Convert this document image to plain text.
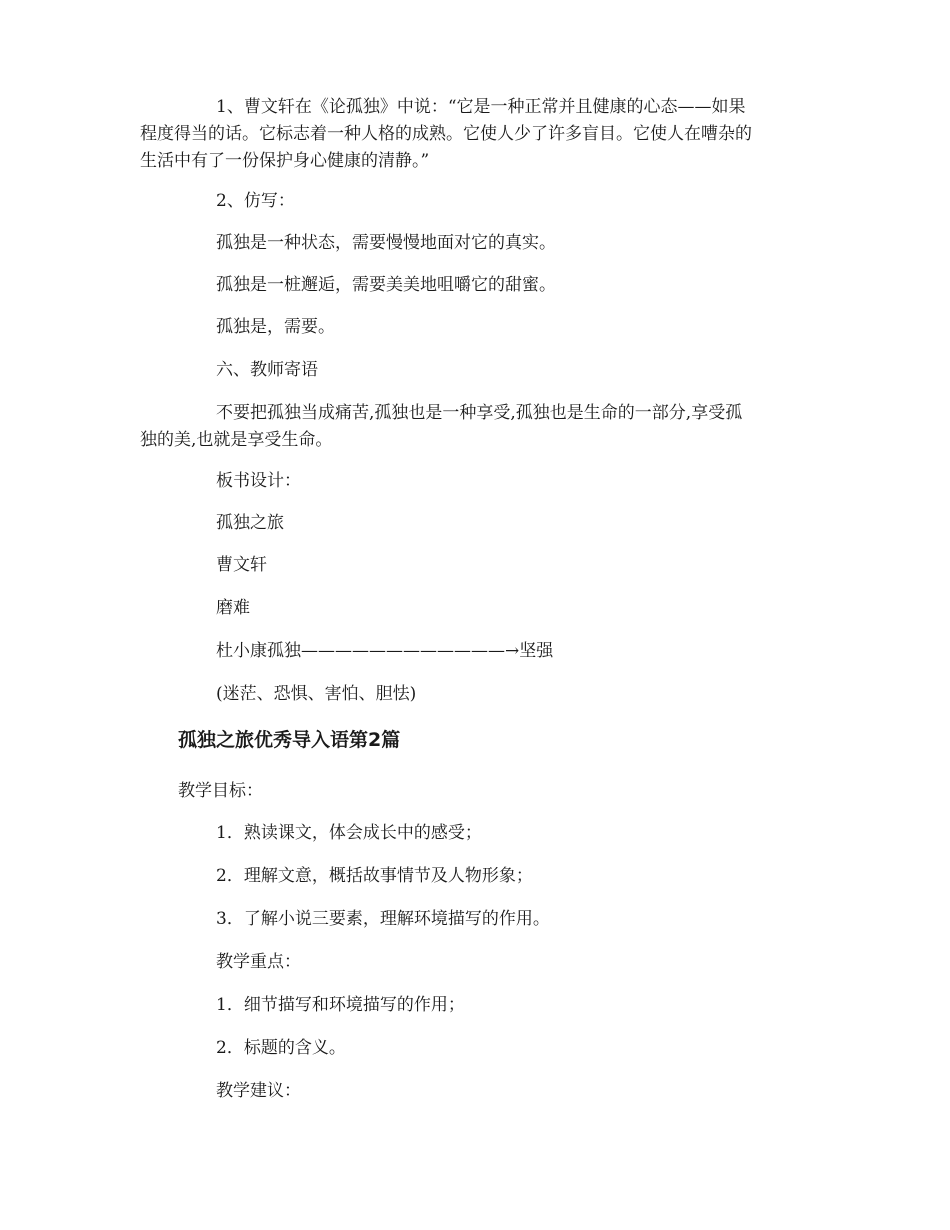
1、曹文轩在《论孤独》中说：“它是一种正常并且健康的心态——如果
程度得当的话。它标志着一种人格的成熟。它使人少了许多盲目。它使人在嘈杂的
生活中有了一份保护身心健康的清静。”
2、仿写：
孤独是一种状态，需要慢慢地面对它的真实。
孤独是一桩邂逅，需要美美地咀嚼它的甜蜜。
孤独是，需要。
六、教师寄语
不要把孤独当成痛苦,孤独也是一种享受,孤独也是生命的一部分,享受孤
独的美,也就是享受生命。
板书设计：
孤独之旅
曹文轩
磨难
杜小康孤独————————————→坚强
(迷茫、恐惧、害怕、胆怯)
孤独之旅优秀导入语第2篇
教学目标：
1．熟读课文，体会成长中的感受；
2．理解文意，概括故事情节及人物形象；
3．了解小说三要素，理解环境描写的作用。
教学重点：
1．细节描写和环境描写的作用；
2．标题的含义。
教学建议：
